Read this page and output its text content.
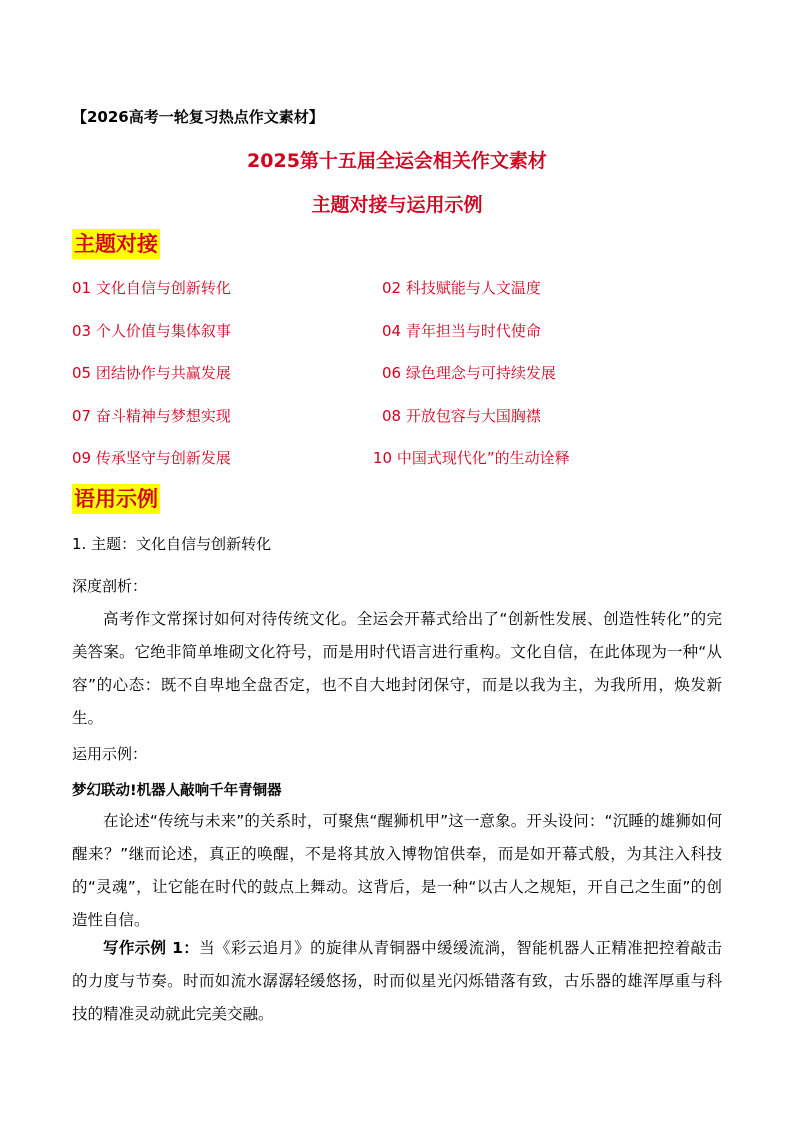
【2026高考一轮复习热点作文素材】
2025第十五届全运会相关作文素材
主题对接与运用示例
主题对接
01 文化自信与创新转化	02 科技赋能与人文温度
03 个人价值与集体叙事	04 青年担当与时代使命
05 团结协作与共赢发展	06 绿色理念与可持续发展
07 奋斗精神与梦想实现	08 开放包容与大国胸襟
09 传承坚守与创新发展	10 中国式现代化”的生动诠释
语用示例
1. 主题：文化自信与创新转化
深度剖析：
高考作文常探讨如何对待传统文化。全运会开幕式给出了“创新性发展、创造性转化”的完美答案。它绝非简单堆砌文化符号，而是用时代语言进行重构。文化自信，在此体现为一种“从容”的心态：既不自卑地全盘否定，也不自大地封闭保守，而是以我为主，为我所用，焕发新生。
运用示例：
梦幻联动!机器人敲响千年青铜器
在论述“传统与未来”的关系时，可聚焦“醒狮机甲”这一意象。开头设问：“沉睡的雄狮如何醒来？”继而论述，真正的唤醒，不是将其放入博物馆供奉，而是如开幕式般，为其注入科技的“灵魂”，让它能在时代的鼓点上舞动。这背后，是一种“以古人之规矩，开自己之生面”的创造性自信。
写作示例 1：当《彩云追月》的旋律从青铜器中缓缓流淌，智能机器人正精准把控着敲击的力度与节奏。时而如流水潺潺轻缓悠扬，时而似星光闪烁错落有致，古乐器的雄浑厚重与科技的精准灵动就此完美交融。
